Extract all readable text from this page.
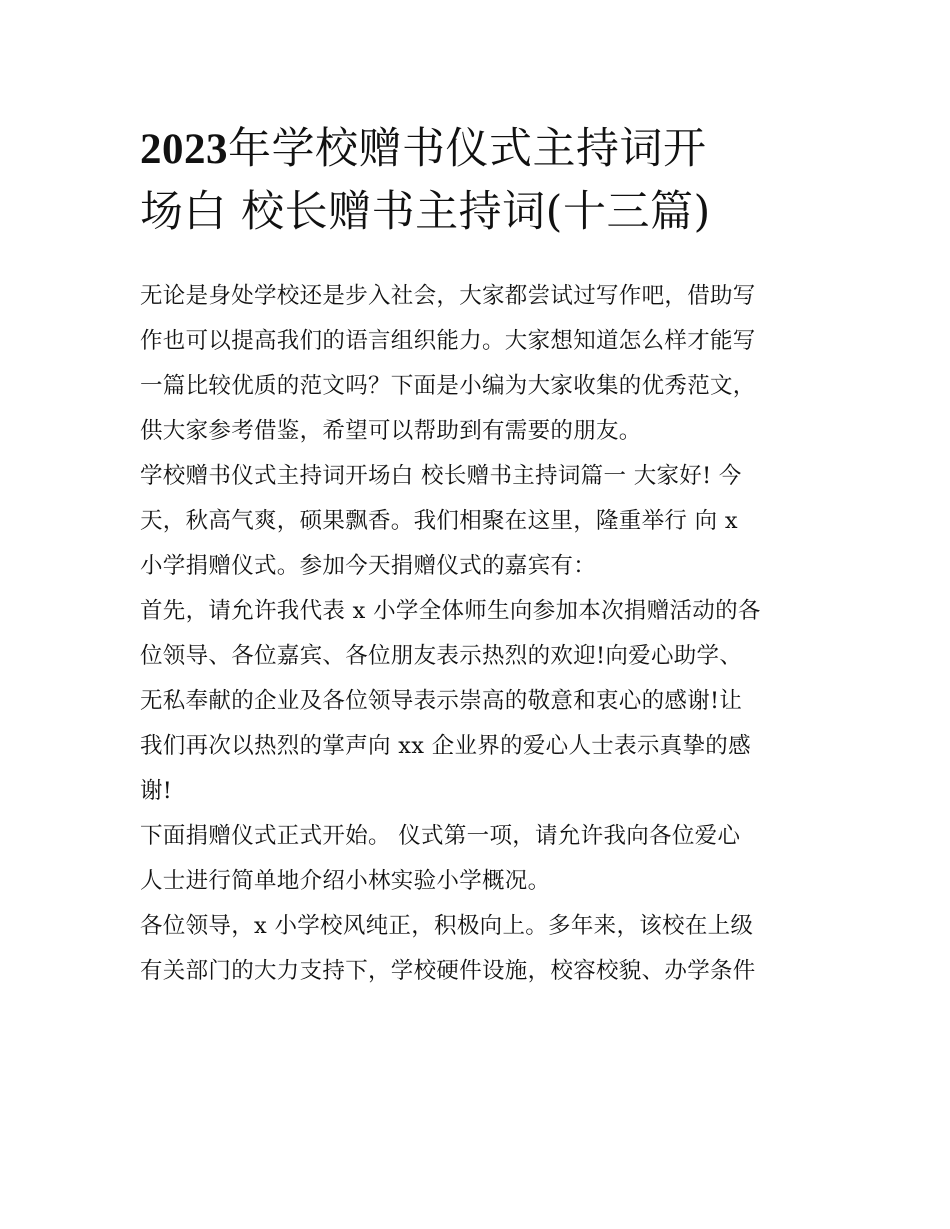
2023年学校赠书仪式主持词开
场白 校长赠书主持词(十三篇)
无论是身处学校还是步入社会，大家都尝试过写作吧，借助写
作也可以提高我们的语言组织能力。大家想知道怎么样才能写
一篇比较优质的范文吗？下面是小编为大家收集的优秀范文，
供大家参考借鉴，希望可以帮助到有需要的朋友。
学校赠书仪式主持词开场白 校长赠书主持词篇一 大家好! 今
天，秋高气爽，硕果飘香。我们相聚在这里，隆重举行 向 x
小学捐赠仪式。参加今天捐赠仪式的嘉宾有：
首先，请允许我代表 x 小学全体师生向参加本次捐赠活动的各
位领导、各位嘉宾、各位朋友表示热烈的欢迎!向爱心助学、
无私奉献的企业及各位领导表示崇高的敬意和衷心的感谢!让
我们再次以热烈的掌声向 xx 企业界的爱心人士表示真挚的感
谢!
下面捐赠仪式正式开始。 仪式第一项，请允许我向各位爱心
人士进行简单地介绍小林实验小学概况。
各位领导，x 小学校风纯正，积极向上。多年来，该校在上级
有关部门的大力支持下，学校硬件设施，校容校貌、办学条件
